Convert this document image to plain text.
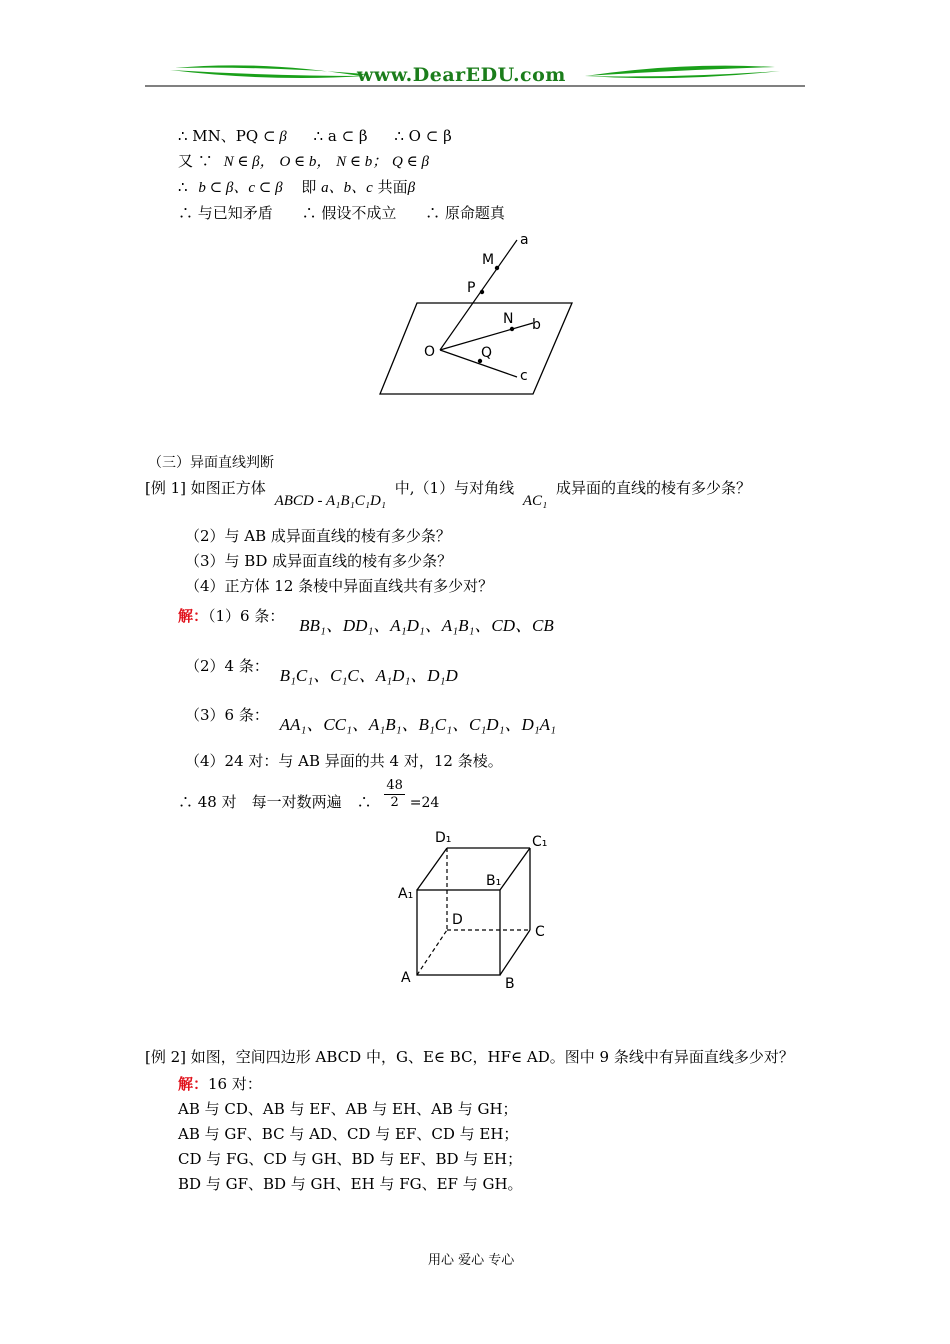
www.DearEDU.com
∴ MN、PQ ⊂ β ∴ a ⊂ β ∴ O ⊂ β
又 ∵ N ∈ β， O ∈ b， N ∈ b； Q ∈ β
∴ b ⊂ β、c ⊂ β 即 a、b、c 共面β
∴ 与已知矛盾 ∴ 假设不成立 ∴ 原命题真
a
M
P
N b
O	Q
c
（三）异面直线判断
[例 1] 如图正方体 ABCD - A₁B₁C₁D₁ 中,（1）与对角线 AC₁ 成异面的直线的棱有多少条？
（2）与 AB 成异面直线的棱有多少条？
（3）与 BD 成异面直线的棱有多少条？
（4）正方体 12 条棱中异面直线共有多少对？
解：（1）6 条： BB₁、DD₁、A₁D₁、A₁B₁、CD、CB
（2）4 条： B₁C₁、C₁C、A₁D₁、D₁D
（3）6 条： AA₁、CC₁、A₁B₁、B₁C₁、C₁D₁、D₁A₁
（4）24 对：与 AB 异面的共 4 对，12 条棱。
∴ 48 对　每一对数两遍　∴ $\frac{48}{2} =24$
D₁	C₁
A₁
B₁
D
C
A	B
[例 2] 如图，空间四边形 ABCD 中，G、E∈ BC，HF∈ AD。图中 9 条线中有异面直线多少对？
解：16 对：
AB 与 CD、AB 与 EF、AB 与 EH、AB 与 GH；
AB 与 GF、BC 与 AD、CD 与 EF、CD 与 EH；
CD 与 FG、CD 与 GH、BD 与 EF、BD 与 EH；
BD 与 GF、BD 与 GH、EH 与 FG、EF 与 GH。
用心 爱心 专心
